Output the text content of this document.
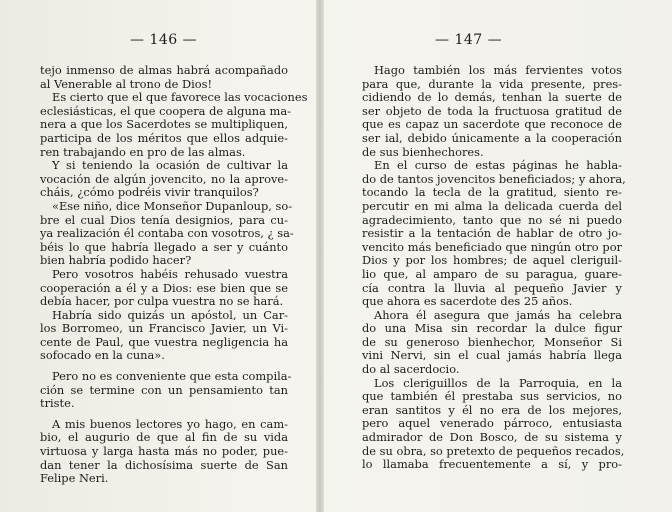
— 146 —
tejo inmenso de almas habrá acompañado
al Venerable al trono de Dios!
Es cierto que el que favorece las vocaciones
eclesiásticas, el que coopera de alguna ma-
nera a que los Sacerdotes se multipliquen,
participa de los méritos que ellos adquie-
ren trabajando en pro de las almas.
Y si teniendo la ocasión de cultivar la
vocación de algún jovencito, no la aprove-
cháis, ¿cómo podréis vivir tranquilos?
«Ese niño, dice Monseñor Dupanloup, so-
bre el cual Dios tenía designios, para cu-
ya realización él contaba con vosotros, ¿ sa-
béis lo que habría llegado a ser y cuánto
bien habría podido hacer?
Pero vosotros habéis rehusado vuestra
cooperación a él y a Dios: ese bien que se
debía hacer, por culpa vuestra no se hará.
Habría sido quizás un apóstol, un Car-
los Borromeo, un Francisco Javier, un Vi-
cente de Paul, que vuestra negligencia ha
sofocado en la cuna».
Pero no es conveniente que esta compila-
ción se termine con un pensamiento tan
triste.
A mis buenos lectores yo hago, en cam-
bio, el augurio de que al fin de su vida
virtuosa y larga hasta más no poder, pue-
dan tener la dichosísima suerte de San
Felipe Neri.
— 147 —
Hago también los más fervientes votos
para que, durante la vida presente, pres-
cidiendo de lo demás, tenhan la suerte de
ser objeto de toda la fructuosa gratitud de
que es capaz un sacerdote que reconoce de
ser ial, debido únicamente a la cooperación
de sus bienhechores.
En el curso de estas páginas he habla-
do de tantos jovencitos beneficiados; y ahora,
tocando la tecla de la gratitud, siento re-
percutir en mi alma la delicada cuerda del
agradecimiento, tanto que no sé ni puedo
resistir a la tentación de hablar de otro jo-
vencito más beneficiado que ningún otro por
Dios y por los hombres; de aquel cleriguil-
lio que, al amparo de su paragua, guare-
cía contra la lluvia al pequeño Javier y
que ahora es sacerdote des 25 años.
Ahora él asegura que jamás ha celebra
do una Misa sin recordar la dulce figur
de su generoso bienhechor, Monseñor Si
vini Nervi, sin el cual jamás habría llega
do al sacerdocio.
Los cleriguillos de la Parroquia, en la
que también él prestaba sus servicios, no
eran santitos y él no era de los mejores,
pero aquel venerado párroco, entusiasta
admirador de Don Bosco, de su sistema y
de su obra, so pretexto de pequeños recados,
lo llamaba frecuentemente a sí, y pro-
